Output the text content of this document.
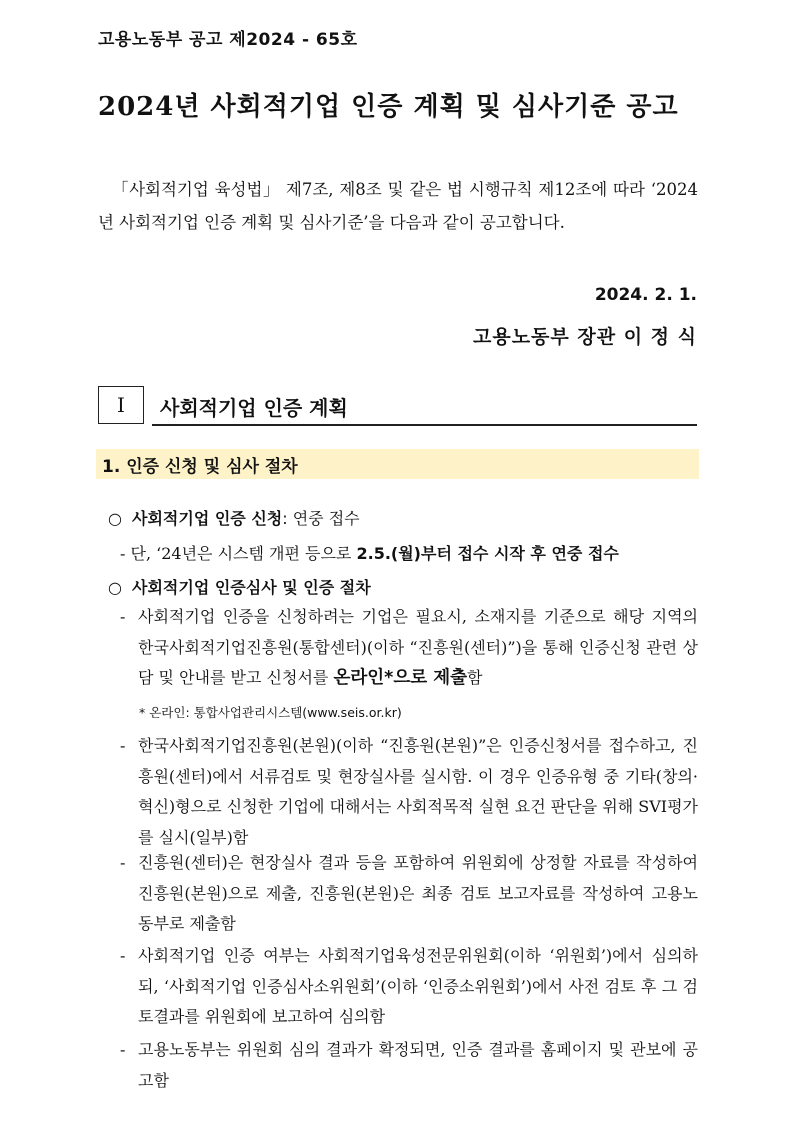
고용노동부 공고 제2024 - 65호
2024년 사회적기업 인증 계획 및 심사기준 공고

「사회적기업 육성법」 제7조, 제8조 및 같은 법 시행규칙 제12조에 따라 ‘2024년 사회적기업 인증 계획 및 심사기준’을 다음과 같이 공고합니다.

2024. 2. 1.
고용노동부 장관 이 정 식
Ⅰ 사회적기업 인증 계획
1. 인증 신청 및 심사 절차
○ 사회적기업 인증 신청: 연중 접수
- 단, ‘24년은 시스템 개편 등으로 2.5.(월)부터 접수 시작 후 연중 접수
○ 사회적기업 인증심사 및 인증 절차
- 사회적기업 인증을 신청하려는 기업은 필요시, 소재지를 기준으로 해당 지역의 한국사회적기업진흥원(통합센터)(이하 “진흥원(센터)”)을 통해 인증신청 관련 상담 및 안내를 받고 신청서를 온라인*으로 제출함
* 온라인: 통합사업관리시스템(www.seis.or.kr)
- 한국사회적기업진흥원(본원)(이하 “진흥원(본원)”은 인증신청서를 접수하고, 진흥원(센터)에서 서류검토 및 현장실사를 실시함. 이 경우 인증유형 중 기타(창의·혁신)형으로 신청한 기업에 대해서는 사회적목적 실현 요건 판단을 위해 SVI평가를 실시(일부)함
- 진흥원(센터)은 현장실사 결과 등을 포함하여 위원회에 상정할 자료를 작성하여 진흥원(본원)으로 제출, 진흥원(본원)은 최종 검토 보고자료를 작성하여 고용노동부로 제출함
- 사회적기업 인증 여부는 사회적기업육성전문위원회(이하 ‘위원회’)에서 심의하되, ‘사회적기업 인증심사소위원회’(이하 ‘인증소위원회’)에서 사전 검토 후 그 검토결과를 위원회에 보고하여 심의함
- 고용노동부는 위원회 심의 결과가 확정되면, 인증 결과를 홈페이지 및 관보에 공고함
